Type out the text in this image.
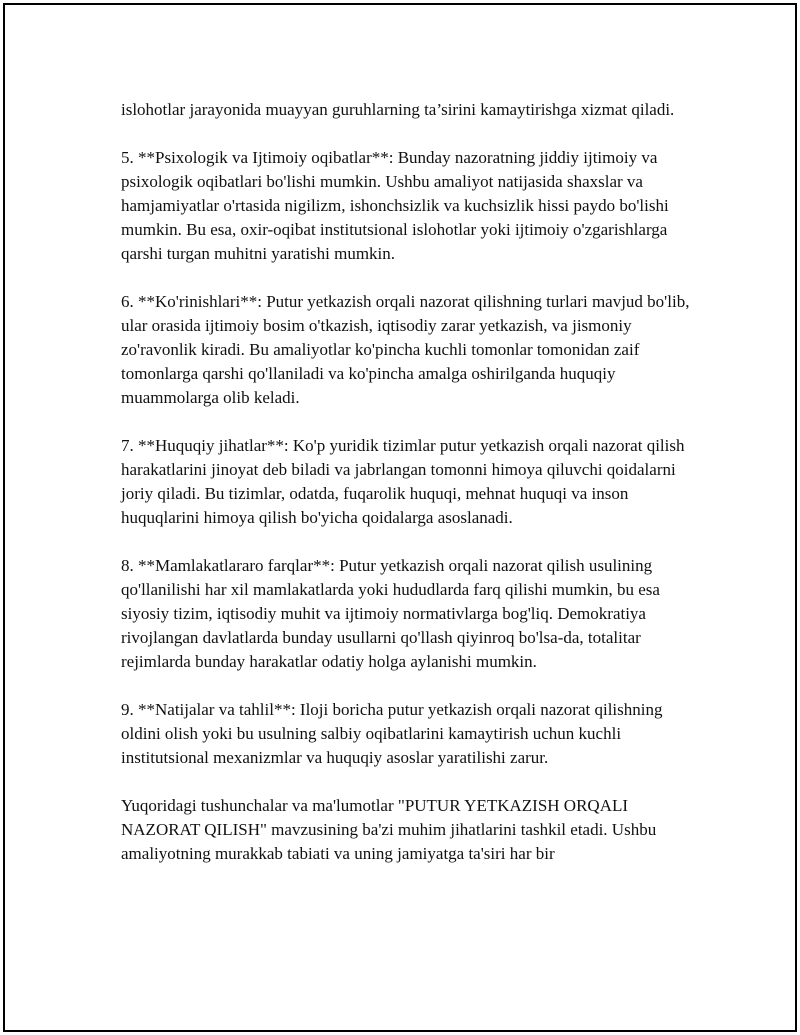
islohotlar jarayonida muayyan guruhlarning ta’sirini kamaytirishga xizmat qiladi.

5. **Psixologik va Ijtimoiy oqibatlar**: Bunday nazoratning jiddiy ijtimoiy va psixologik oqibatlari bo'lishi mumkin. Ushbu amaliyot natijasida shaxslar va hamjamiyatlar o'rtasida nigilizm, ishonchsizlik va kuchsizlik hissi paydo bo'lishi mumkin. Bu esa, oxir-oqibat institutsional islohotlar yoki ijtimoiy o'zgarishlarga qarshi turgan muhitni yaratishi mumkin.

6. **Ko'rinishlari**: Putur yetkazish orqali nazorat qilishning turlari mavjud bo'lib, ular orasida ijtimoiy bosim o'tkazish, iqtisodiy zarar yetkazish, va jismoniy zo'ravonlik kiradi. Bu amaliyotlar ko'pincha kuchli tomonlar tomonidan zaif tomonlarga qarshi qo'llaniladi va ko'pincha amalga oshirilganda huquqiy muammolarga olib keladi.

7. **Huquqiy jihatlar**: Ko'p yuridik tizimlar putur yetkazish orqali nazorat qilish harakatlarini jinoyat deb biladi va jabrlangan tomonni himoya qiluvchi qoidalarni joriy qiladi. Bu tizimlar, odatda, fuqarolik huquqi, mehnat huquqi va inson huquqlarini himoya qilish bo'yicha qoidalarga asoslanadi.

8. **Mamlakatlararo farqlar**: Putur yetkazish orqali nazorat qilish usulining qo'llanilishi har xil mamlakatlarda yoki hududlarda farq qilishi mumkin, bu esa siyosiy tizim, iqtisodiy muhit va ijtimoiy normativlarga bog'liq. Demokratiya rivojlangan davlatlarda bunday usullarni qo'llash qiyinroq bo'lsa-da, totalitar rejimlarda bunday harakatlar odatiy holga aylanishi mumkin.

9. **Natijalar va tahlil**: Iloji boricha putur yetkazish orqali nazorat qilishning oldini olish yoki bu usulning salbiy oqibatlarini kamaytirish uchun kuchli institutsional mexanizmlar va huquqiy asoslar yaratilishi zarur.

Yuqoridagi tushunchalar va ma'lumotlar "PUTUR YETKAZISH ORQALI NAZORAT QILISH" mavzusining ba'zi muhim jihatlarini tashkil etadi. Ushbu amaliyotning murakkab tabiati va uning jamiyatga ta'siri har bir
